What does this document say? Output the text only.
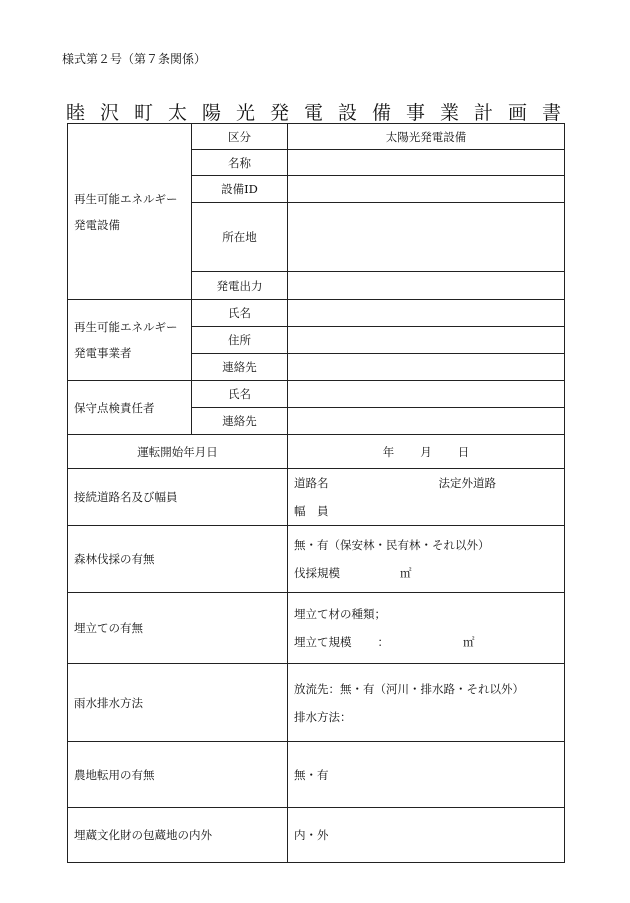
様式第２号（第７条関係）
睦沢町太陽光発電設備事業計画書
再生可能エネルギー
発電設備	区分	太陽光発電設備
	名称	
	設備ID	
	所在地	
	発電出力	

再生可能エネルギー
発電事業者	氏名	
	住所	
	連絡先	
保守点検責任者	氏名	
	連絡先	
運転開始年月日		年 月 日
接続道路名及び幅員		道路名 法定外道路
幅　員

森林伐採の有無		無・有（保安林・民有林・それ以外）
伐採規模 ㎡

埋立ての有無		埋立て材の種類；
埋立て規模 ： ㎡

雨水排水方法		放流先：無・有（河川・排水路・それ以外）
排水方法：

農地転用の有無		無・有
埋蔵文化財の包蔵地の内外		内・外
